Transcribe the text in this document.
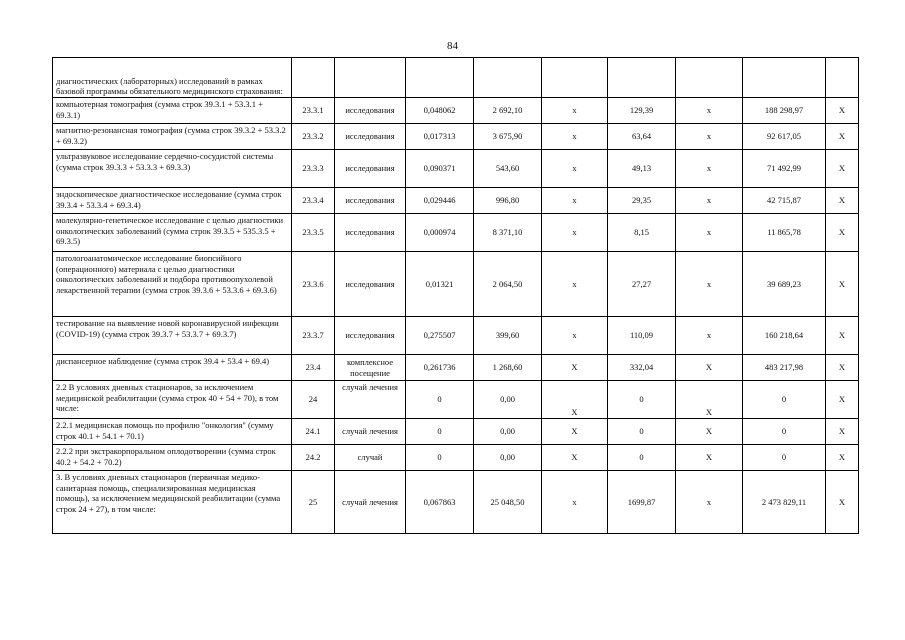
84
диагностических (лабораторных) исследований в рамках базовой программы обязательного медицинского страхования:									
компьютерная томография (сумма строк 39.3.1 + 53.3.1 + 69.3.1)	23.3.1	исследования	0,048062	2 692,10	х	129,39	х	188 298,97	Х
магнитно-резонансная томография (сумма строк 39.3.2 + 53.3.2 + 69.3.2)	23.3.2	исследования	0,017313	3 675,90	х	63,64	х	92 617,05	Х
ультразвуковое исследование сердечно-сосудистой системы (сумма строк 39.3.3 + 53.3.3 + 69.3.3)	23.3.3	исследования	0,090371	543,60	х	49,13	х	71 492,99	Х
эндоскопическое диагностическое исследование (сумма строк 39.3.4 + 53.3.4 + 69.3.4)	23.3.4	исследования	0,029446	996,80	х	29,35	х	42 715,87	Х
молекулярно-генетическое исследование с целью диагностики онкологических заболеваний (сумма строк 39.3.5 + 535.3.5 + 69.3.5)	23.3.5	исследования	0,000974	8 371,10	х	8,15	х	11 865,78	Х
патологоанатомическое исследование биопсийного (операционного) материала с целью диагностики онкологических заболеваний и подбора противоопухолевой лекарственной терапии (сумма строк 39.3.6 + 53.3.6 + 69.3.6)	23.3.6	исследования	0,01321	2 064,50	х	27,27	х	39 689,23	Х
тестирование на выявление новой коронавирусной инфекции (COVID-19) (сумма строк 39.3.7 + 53.3.7 + 69.3.7)	23.3.7	исследования	0,275507	399,60	х	110,09	х	160 218,64	Х
диспансерное наблюдение (сумма строк 39.4 + 53.4 + 69.4)	23.4	комплексное посещение	0,261736	1 268,60	Х	332,04	Х	483 217,98	Х
2.2 В условиях дневных стационаров, за исключением медицинской реабилитации (сумма строк 40 + 54 + 70), в том числе:	24	случай лечения	0	0,00	Х	0	Х	0	Х
2.2.1 медицинская помощь по профилю "онкология" (сумму строк 40.1 + 54.1 + 70.1)	24.1	случай лечения	0	0,00	Х	0	Х	0	Х
2.2.2 при экстракорпоральном оплодотворении (сумма строк 40.2 + 54.2 + 70.2)	24.2	случай	0	0,00	Х	0	Х	0	Х
3. В условиях дневных стационаров (первичная медико-санитарная помощь, специализированная медицинская помощь), за исключением медицинской реабилитации (сумма строк 24 + 27), в том числе:	25	случай лечения	0,067863	25 048,50	х	1699,87	х	2 473 829,11	Х
